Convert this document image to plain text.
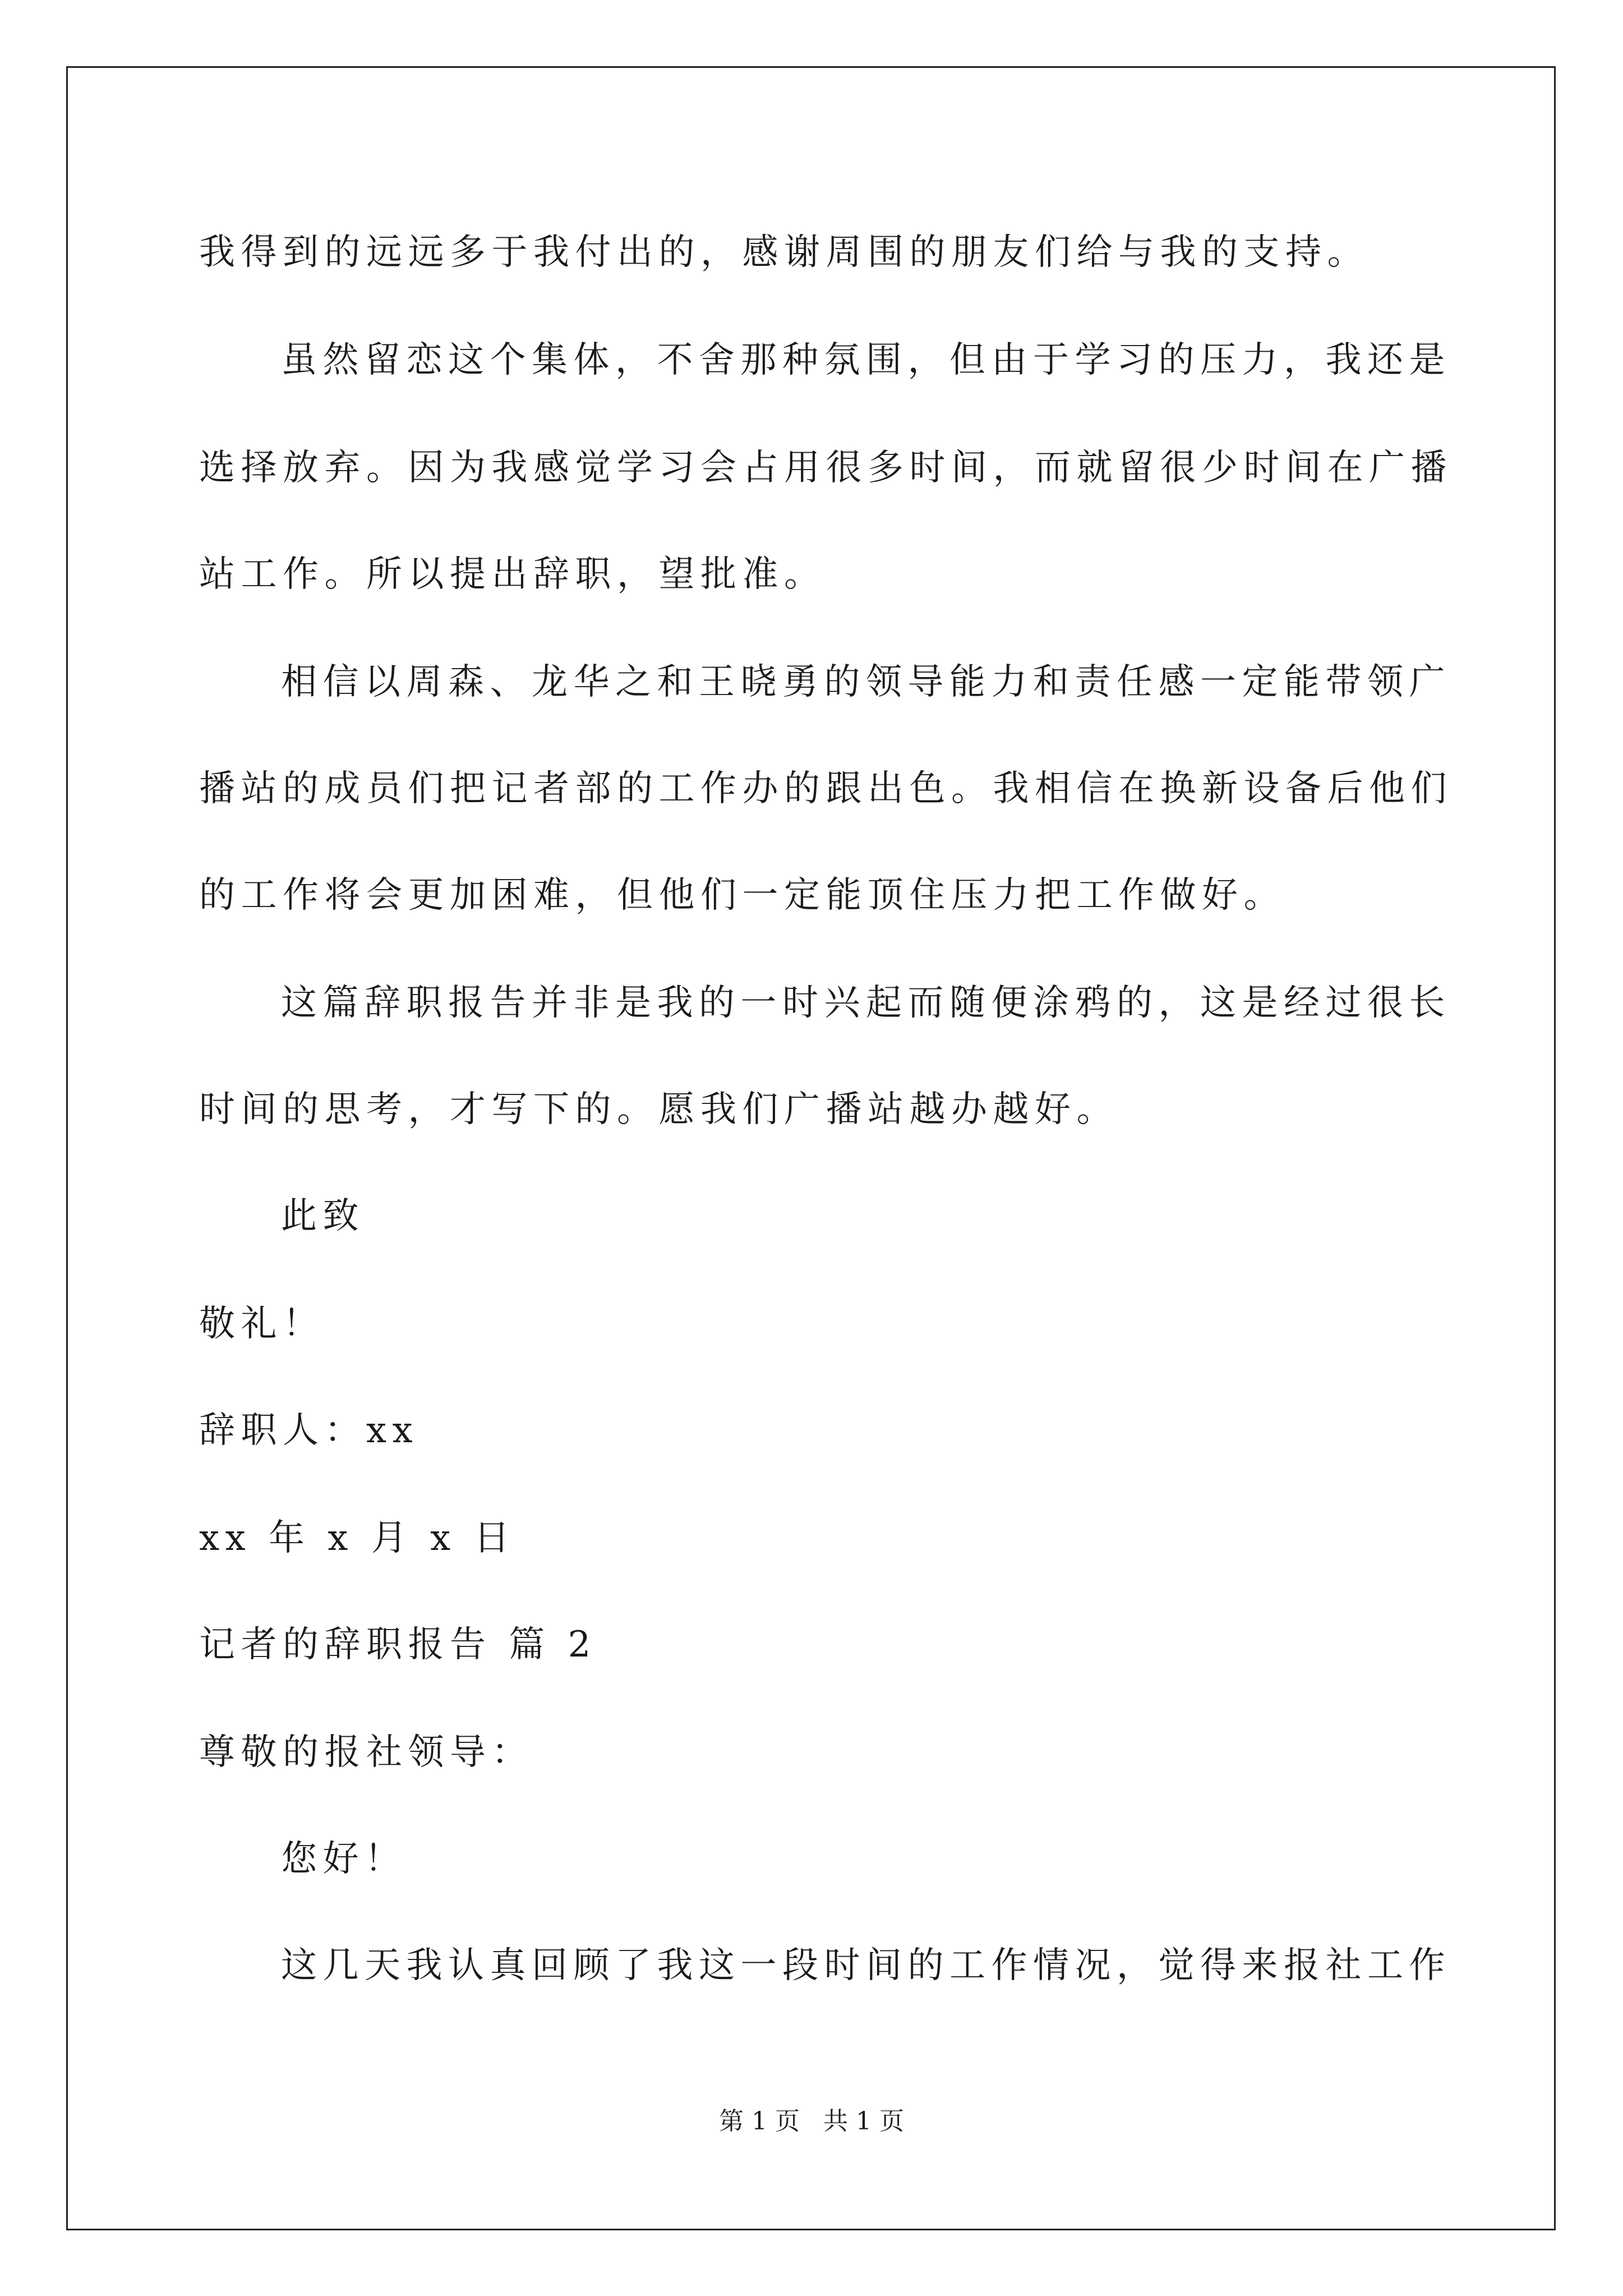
我得到的远远多于我付出的，感谢周围的朋友们给与我的支持。
虽然留恋这个集体，不舍那种氛围，但由于学习的压力，我还是
选择放弃。因为我感觉学习会占用很多时间，而就留很少时间在广播
站工作。所以提出辞职，望批准。
相信以周森、龙华之和王晓勇的领导能力和责任感一定能带领广
播站的成员们把记者部的工作办的跟出色。我相信在换新设备后他们
的工作将会更加困难，但他们一定能顶住压力把工作做好。
这篇辞职报告并非是我的一时兴起而随便涂鸦的，这是经过很长
时间的思考，才写下的。愿我们广播站越办越好。
此致
敬礼！
辞职人：xx
xx 年 x 月 x 日
记者的辞职报告 篇 2
尊敬的报社领导：
您好！
这几天我认真回顾了我这一段时间的工作情况，觉得来报社工作
第 1 页 共 1 页
